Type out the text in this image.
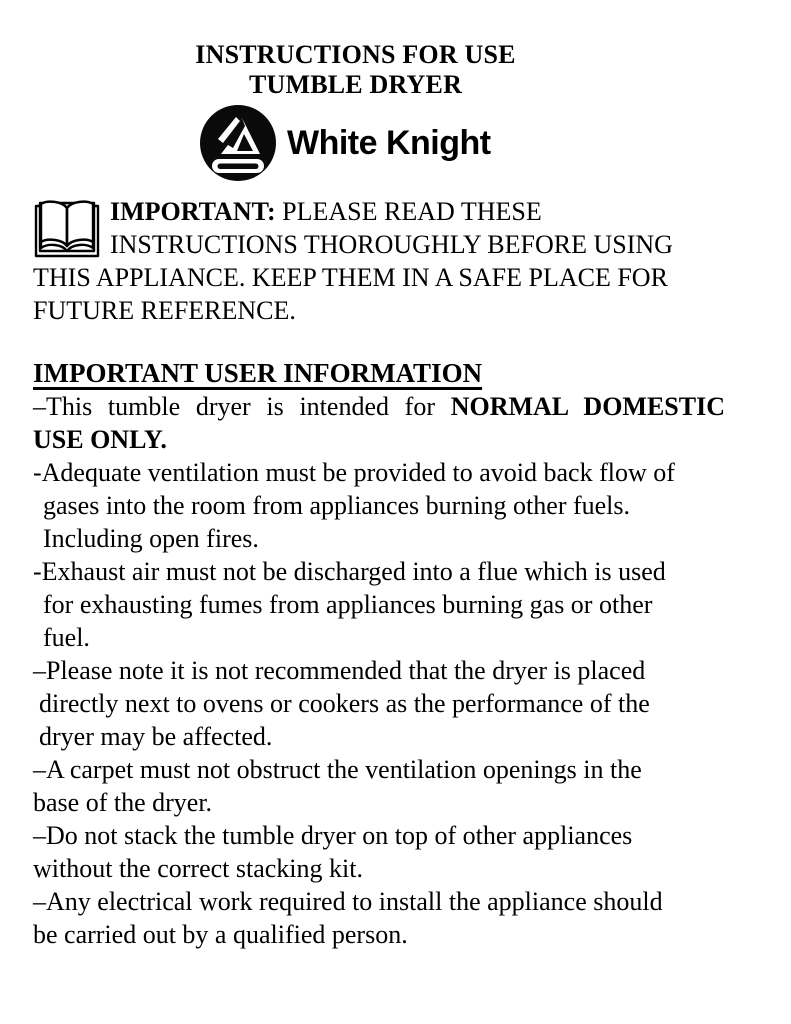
INSTRUCTIONS FOR USE
TUMBLE DRYER
White Knight
IMPORTANT: PLEASE READ THESE
INSTRUCTIONS THOROUGHLY BEFORE USING
THIS APPLIANCE. KEEP THEM IN A SAFE PLACE FOR
FUTURE REFERENCE.
IMPORTANT USER INFORMATION
–This tumble dryer is intended for NORMAL DOMESTIC
USE ONLY.
-Adequate ventilation must be provided to avoid back flow of
gases into the room from appliances burning other fuels.
Including open fires.
-Exhaust air must not be discharged into a flue which is used
for exhausting fumes from appliances burning gas or other
fuel.
–Please note it is not recommended that the dryer is placed
directly next to ovens or cookers as the performance of the
dryer may be affected.
–A carpet must not obstruct the ventilation openings in the
base of the dryer.
–Do not stack the tumble dryer on top of other appliances
without the correct stacking kit.
–Any electrical work required to install the appliance should
be carried out by a qualified person.
